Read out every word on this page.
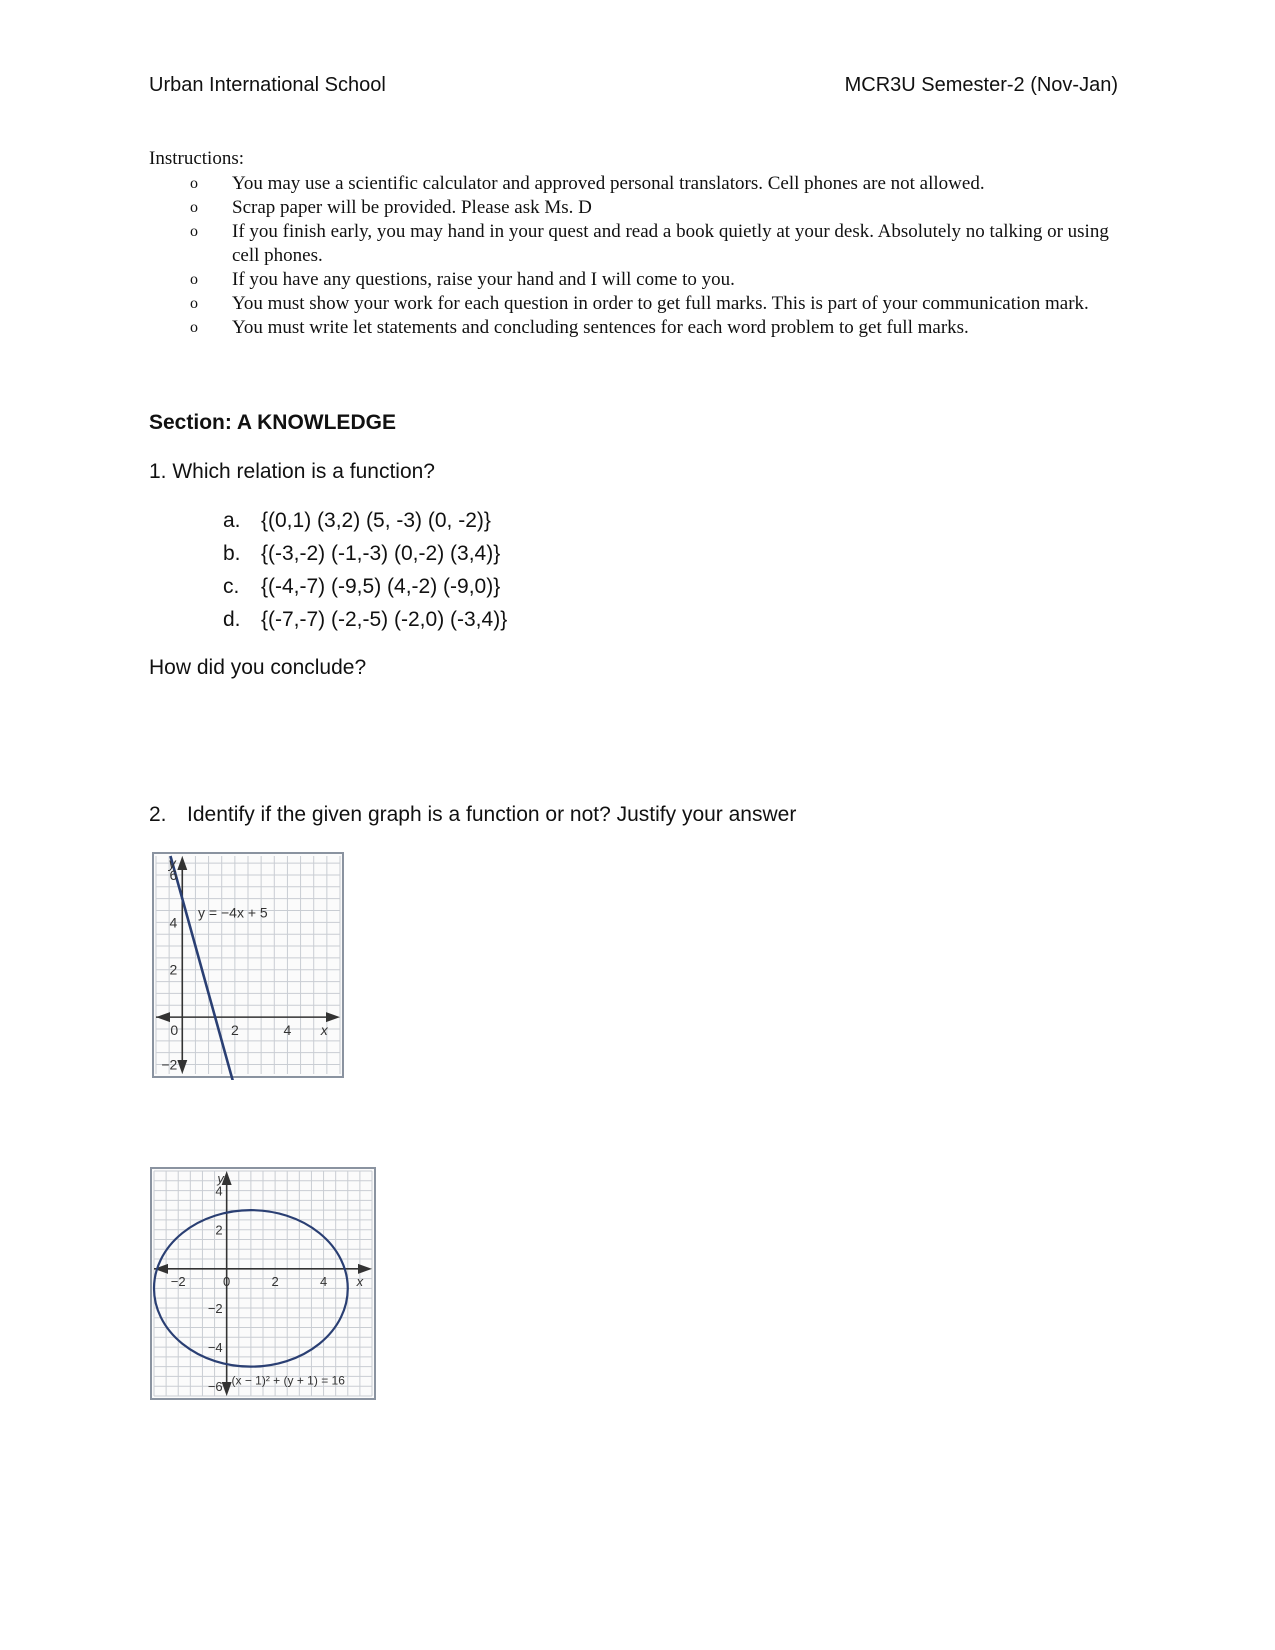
Urban International School	MCR3U Semester-2 (Nov-Jan)
Instructions:
o You may use a scientific calculator and approved personal translators. Cell phones are not allowed.
o Scrap paper will be provided. Please ask Ms. D
o If you finish early, you may hand in your quest and read a book quietly at your desk. Absolutely no talking or using cell phones.
o If you have any questions, raise your hand and I will come to you.
o You must show your work for each question in order to get full marks. This is part of your communication mark.
o You must write let statements and concluding sentences for each word problem to get full marks.
Section: A KNOWLEDGE
1. Which relation is a function?
a. {(0,1) (3,2) (5, -3) (0, -2)}
b. {(-3,-2) (-1,-3) (0,-2) (3,4)}
c. {(-4,-7) (-9,5) (4,-2) (-9,0)}
d. {(-7,-7) (-2,-5) (-2,0) (-3,4)}
How did you conclude?
2. Identify if the given graph is a function or not? Justify your answer
0	2	4
6
4
2
−2
x
y
y = −4x + 5
−2	0	2	4
4
2
−2
−4
−6
x
y
(x − 1)² + (y + 1) = 16
